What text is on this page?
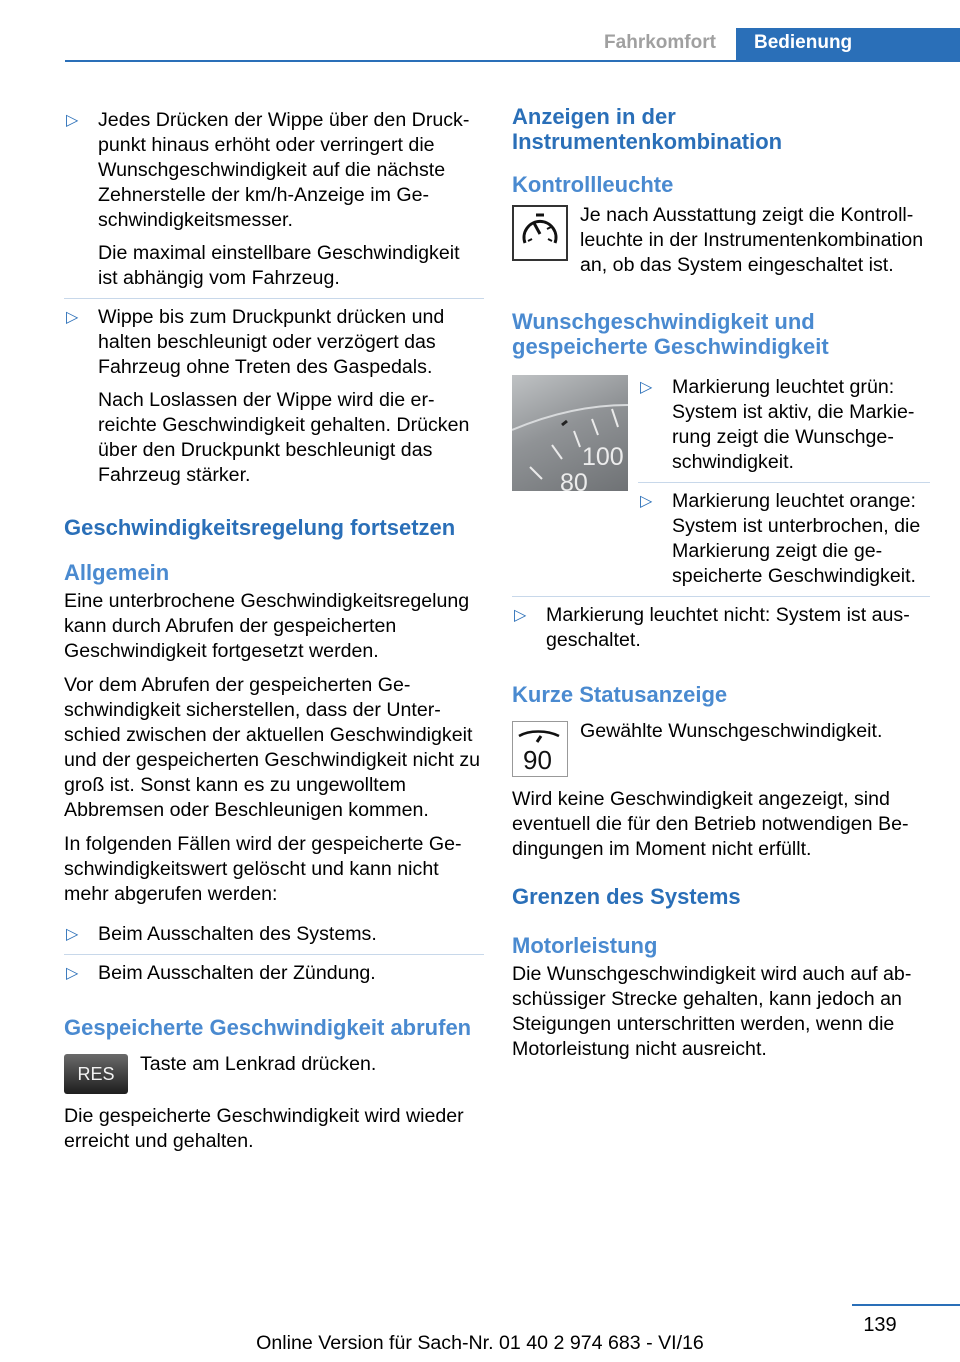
Fahrkomfort	Bedienung
▷ Jedes Drücken der Wippe über den Druckpunkt hinaus erhöht oder verringert die Wunschgeschwindigkeit auf die nächste Zehnerstelle der km/h-Anzeige im Geschwindigkeitsmesser.

Die maximal einstellbare Geschwindigkeit ist abhängig vom Fahrzeug.

▷ Wippe bis zum Druckpunkt drücken und halten beschleunigt oder verzögert das Fahrzeug ohne Treten des Gaspedals.

Nach Loslassen der Wippe wird die erreichte Geschwindigkeit gehalten. Drücken über den Druckpunkt beschleunigt das Fahrzeug stärker.

Geschwindigkeitsregelung fortsetzen
Allgemein

Eine unterbrochene Geschwindigkeitsregelung kann durch Abrufen der gespeicherten Geschwindigkeit fortgesetzt werden.

Vor dem Abrufen der gespeicherten Geschwindigkeit sicherstellen, dass der Unterschied zwischen der aktuellen Geschwindigkeit und der gespeicherten Geschwindigkeit nicht zu groß ist. Sonst kann es zu ungewolltem Abbremsen oder Beschleunigen kommen.

In folgenden Fällen wird der gespeicherte Geschwindigkeitswert gelöscht und kann nicht mehr abgerufen werden:

▷ Beim Ausschalten des Systems.

▷ Beim Ausschalten der Zündung.

Gespeicherte Geschwindigkeit abrufen
RES	Taste am Lenkrad drücken.

Die gespeicherte Geschwindigkeit wird wieder erreicht und gehalten.

Anzeigen in der Instrumentenkombination
Kontrollleuchte

Je nach Ausstattung zeigt die Kontrollleuchte in der Instrumentenkombination an, ob das System eingeschaltet ist.

Wunschgeschwindigkeit und gespeicherte Geschwindigkeit
100
80
▷ Markierung leuchtet grün: System ist aktiv, die Markierung zeigt die Wunschgeschwindigkeit.

▷ Markierung leuchtet orange: System ist unterbrochen, die Markierung zeigt die gespeicherte Geschwindigkeit.

▷ Markierung leuchtet nicht: System ist ausgeschaltet.

Kurze Statusanzeige
90

Gewählte Wunschgeschwindigkeit.

Wird keine Geschwindigkeit angezeigt, sind eventuell die für den Betrieb notwendigen Bedingungen im Moment nicht erfüllt.

Grenzen des Systems
Motorleistung

Die Wunschgeschwindigkeit wird auch auf abschüssiger Strecke gehalten, kann jedoch an Steigungen unterschritten werden, wenn die Motorleistung nicht ausreicht.

139
Online Version für Sach-Nr. 01 40 2 974 683 - VI/16
